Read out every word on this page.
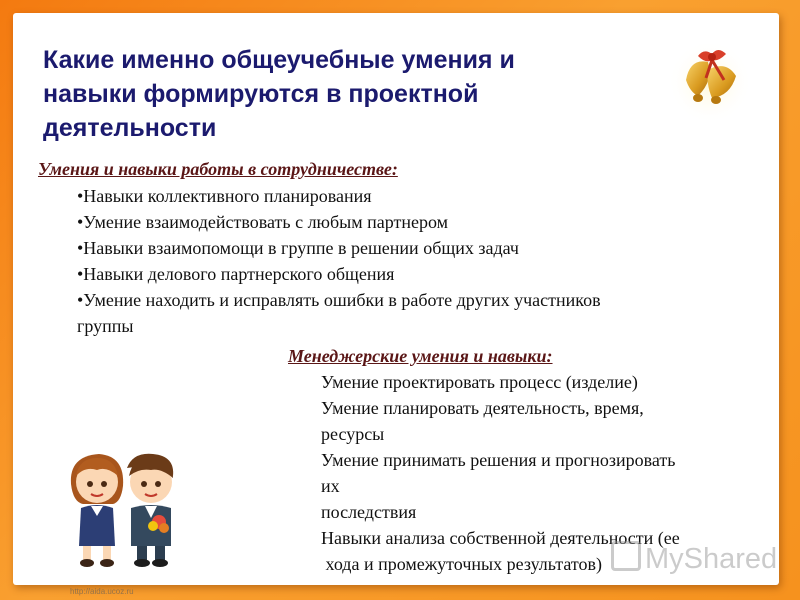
Какие именно общеучебные умения и
навыки формируются в проектной
деятельности
Умения и навыки работы в сотрудничестве:
•Навыки коллективного планирования
•Умение взаимодействовать с любым партнером
•Навыки взаимопомощи в группе в решении общих задач
•Навыки делового партнерского общения
•Умение находить и исправлять ошибки в работе других участников
группы
Менеджерские умения и навыки:
Умение проектировать процесс (изделие)
Умение планировать деятельность, время,
ресурсы
Умение принимать решения и прогнозировать
их
последствия
Навыки анализа собственной деятельности (ее
хода и промежуточных результатов)	MyShared
http://aida.ucoz.ru
